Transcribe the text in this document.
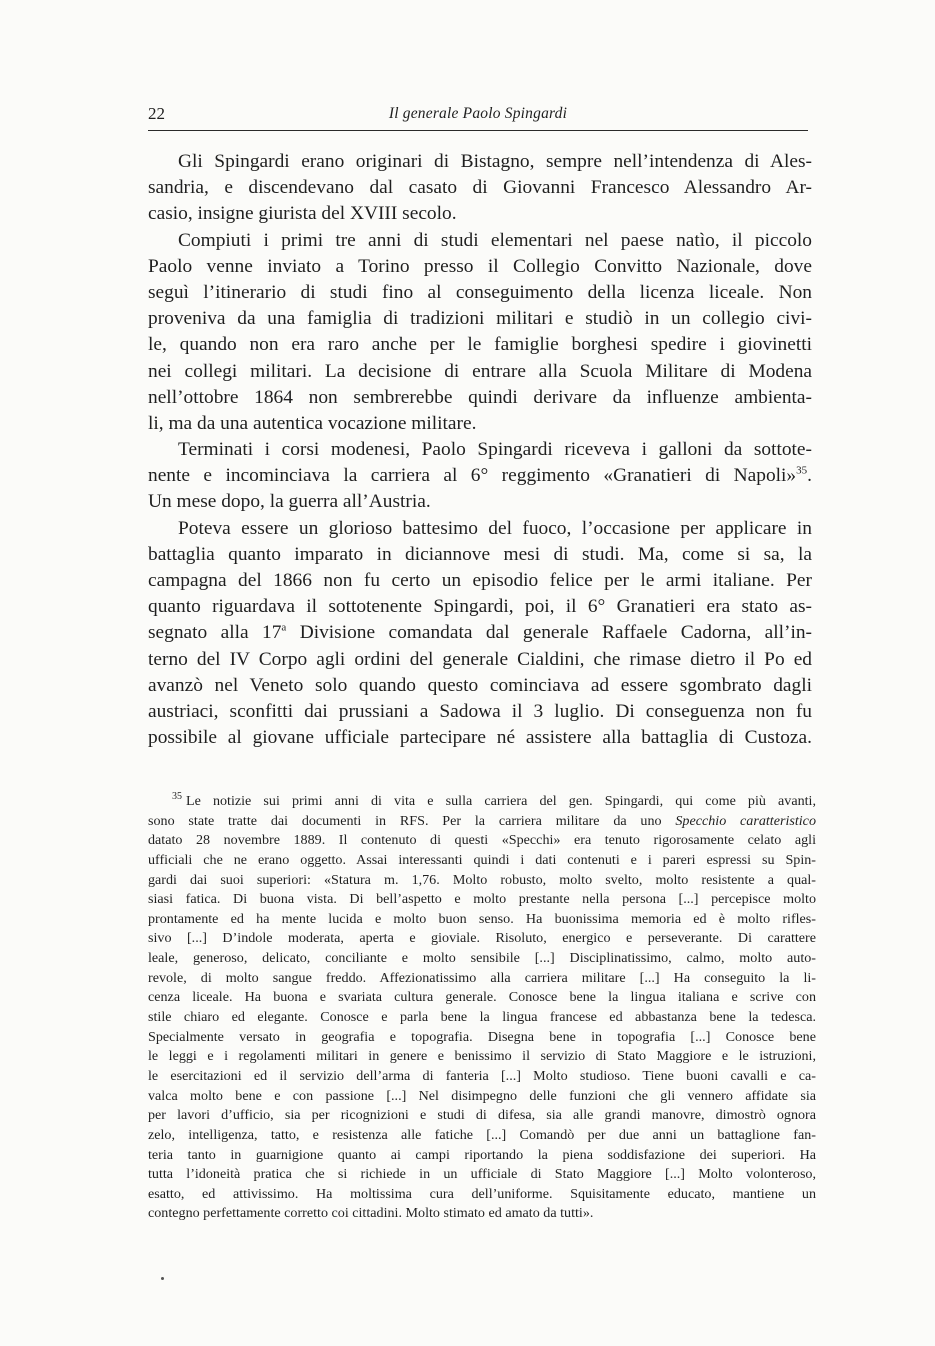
22	Il generale Paolo Spingardi
Gli Spingardi erano originari di Bistagno, sempre nell’intendenza di Ales-
sandria, e discendevano dal casato di Giovanni Francesco Alessandro Ar-
casio, insigne giurista del XVIII secolo.
Compiuti i primi tre anni di studi elementari nel paese natìo, il piccolo
Paolo venne inviato a Torino presso il Collegio Convitto Nazionale, dove
seguì l’itinerario di studi fino al conseguimento della licenza liceale. Non
proveniva da una famiglia di tradizioni militari e studiò in un collegio civi-
le, quando non era raro anche per le famiglie borghesi spedire i giovinetti
nei collegi militari. La decisione di entrare alla Scuola Militare di Modena
nell’ottobre 1864 non sembrerebbe quindi derivare da influenze ambienta-
li, ma da una autentica vocazione militare.
Terminati i corsi modenesi, Paolo Spingardi riceveva i galloni da sottote-
nente e incominciava la carriera al 6° reggimento «Granatieri di Napoli»$^{35}$.
Un mese dopo, la guerra all’Austria.
Poteva essere un glorioso battesimo del fuoco, l’occasione per applicare in
battaglia quanto imparato in diciannove mesi di studi. Ma, come si sa, la
campagna del 1866 non fu certo un episodio felice per le armi italiane. Per
quanto riguardava il sottotenente Spingardi, poi, il 6° Granatieri era stato as-
segnato alla 17$^a$ Divisione comandata dal generale Raffaele Cadorna, all’in-
terno del IV Corpo agli ordini del generale Cialdini, che rimase dietro il Po ed
avanzò nel Veneto solo quando questo cominciava ad essere sgombrato dagli
austriaci, sconfitti dai prussiani a Sadowa il 3 luglio. Di conseguenza non fu
possibile al giovane ufficiale partecipare né assistere alla battaglia di Custoza.
$^{35}$ Le notizie sui primi anni di vita e sulla carriera del gen. Spingardi, qui come più avanti,
sono state tratte dai documenti in RFS. Per la carriera militare da uno Specchio caratteristico
datato 28 novembre 1889. Il contenuto di questi «Specchi» era tenuto rigorosamente celato agli
ufficiali che ne erano oggetto. Assai interessanti quindi i dati contenuti e i pareri espressi su Spin-
gardi dai suoi superiori: «Statura m. 1,76. Molto robusto, molto svelto, molto resistente a qual-
siasi fatica. Di buona vista. Di bell’aspetto e molto prestante nella persona [...] percepisce molto
prontamente ed ha mente lucida e molto buon senso. Ha buonissima memoria ed è molto rifles-
sivo [...] D’indole moderata, aperta e gioviale. Risoluto, energico e perseverante. Di carattere
leale, generoso, delicato, conciliante e molto sensibile [...] Disciplinatissimo, calmo, molto auto-
revole, di molto sangue freddo. Affezionatissimo alla carriera militare [...] Ha conseguito la li-
cenza liceale. Ha buona e svariata cultura generale. Conosce bene la lingua italiana e scrive con
stile chiaro ed elegante. Conosce e parla bene la lingua francese ed abbastanza bene la tedesca.
Specialmente versato in geografia e topografia. Disegna bene in topografia [...] Conosce bene
le leggi e i regolamenti militari in genere e benissimo il servizio di Stato Maggiore e le istruzioni,
le esercitazioni ed il servizio dell’arma di fanteria [...] Molto studioso. Tiene buoni cavalli e ca-
valca molto bene e con passione [...] Nel disimpegno delle funzioni che gli vennero affidate sia
per lavori d’ufficio, sia per ricognizioni e studi di difesa, sia alle grandi manovre, dimostrò ognora
zelo, intelligenza, tatto, e resistenza alle fatiche [...] Comandò per due anni un battaglione fan-
teria tanto in guarnigione quanto ai campi riportando la piena soddisfazione dei superiori. Ha
tutta l’idoneità pratica che si richiede in un ufficiale di Stato Maggiore [...] Molto volonteroso,
esatto, ed attivissimo. Ha moltissima cura dell’uniforme. Squisitamente educato, mantiene un
contegno perfettamente corretto coi cittadini. Molto stimato ed amato da tutti».
